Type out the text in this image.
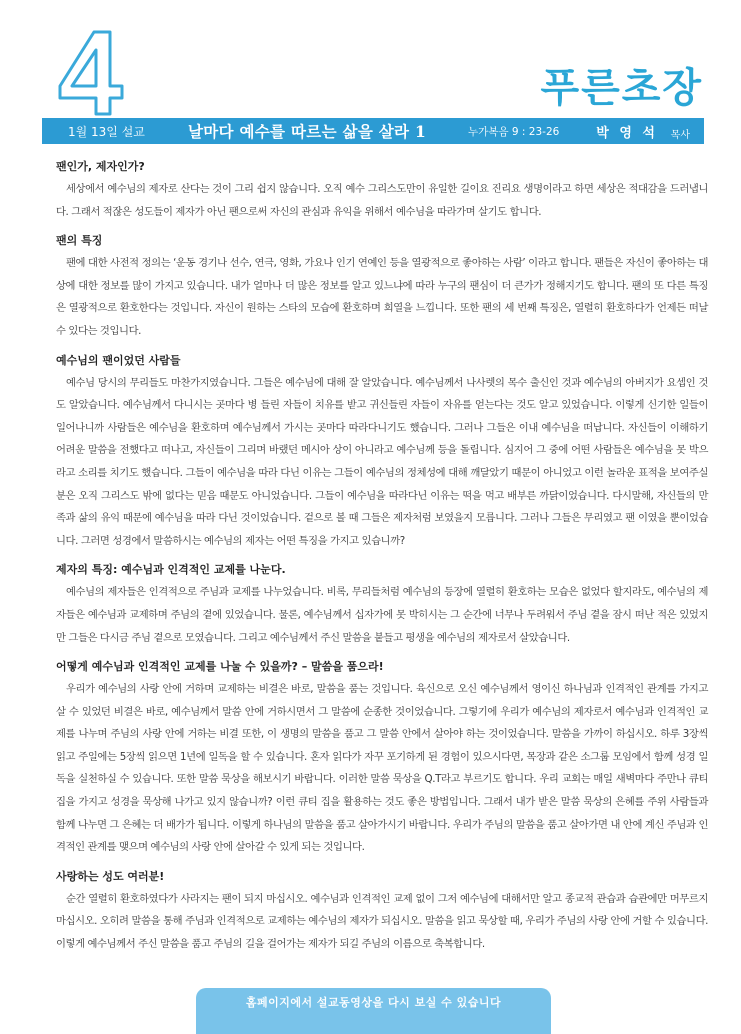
푸른초장
1월 13일 설교	날마다 예수를 따르는 삶을 살라 1	누가복음 9 : 23-26	박 영 석 목사
팬인가, 제자인가?

세상에서 예수님의 제자로 산다는 것이 그리 쉽지 않습니다. 오직 예수 그리스도만이 유일한 길이요 진리요 생명이라고 하면 세상은 적대감을 드러냅니다. 그래서 적잖은 성도들이 제자가 아닌 팬으로써 자신의 관심과 유익을 위해서 예수님을 따라가며 살기도 합니다.

팬의 특징

팬에 대한 사전적 정의는 ‘운동 경기나 선수, 연극, 영화, 가요나 인기 연예인 등을 열광적으로 좋아하는 사람’ 이라고 합니다. 팬들은 자신이 좋아하는 대상에 대한 정보를 많이 가지고 있습니다. 내가 얼마나 더 많은 정보를 알고 있느냐에 따라 누구의 팬심이 더 큰가가 정해지기도 합니다. 팬의 또 다른 특징은 열광적으로 환호한다는 것입니다. 자신이 원하는 스타의 모습에 환호하며 희열을 느낍니다. 또한 팬의 세 번째 특징은, 열렬히 환호하다가 언제든 떠날 수 있다는 것입니다.

예수님의 팬이었던 사람들

예수님 당시의 무리들도 마찬가지였습니다. 그들은 예수님에 대해 잘 알았습니다. 예수님께서 나사렛의 목수 출신인 것과 예수님의 아버지가 요셉인 것도 알았습니다. 예수님께서 다니시는 곳마다 병 들린 자들이 치유를 받고 귀신들린 자들이 자유를 얻는다는 것도 알고 있었습니다. 이렇게 신기한 일들이 일어나니까 사람들은 예수님을 환호하며 예수님께서 가시는 곳마다 따라다니기도 했습니다. 그러나 그들은 이내 예수님을 떠납니다. 자신들이 이해하기 어려운 말씀을 전했다고 떠나고, 자신들이 그리며 바랬던 메시아 상이 아니라고 예수님께 등을 돌립니다. 심지어 그 중에 어떤 사람들은 예수님을 못 박으라고 소리를 치기도 했습니다. 그들이 예수님을 따라 다닌 이유는 그들이 예수님의 정체성에 대해 깨달았기 때문이 아니었고 이런 놀라운 표적을 보여주실 분은 오직 그리스도 밖에 없다는 믿음 때문도 아니었습니다. 그들이 예수님을 따라다닌 이유는 떡을 먹고 배부른 까닭이었습니다. 다시말해, 자신들의 만족과 삶의 유익 때문에 예수님을 따라 다닌 것이었습니다. 겉으로 볼 때 그들은 제자처럼 보였을지 모릅니다. 그러나 그들은 무리였고 팬 이였을 뿐이었습니다. 그러면 성경에서 말씀하시는 예수님의 제자는 어떤 특징을 가지고 있습니까?

제자의 특징: 예수님과 인격적인 교제를 나눈다.

예수님의 제자들은 인격적으로 주님과 교제를 나누었습니다. 비록, 무리들처럼 예수님의 등장에 열렬히 환호하는 모습은 없었다 할지라도, 예수님의 제자들은 예수님과 교제하며 주님의 곁에 있었습니다. 물론, 예수님께서 십자가에 못 박히시는 그 순간에 너무나 두려워서 주님 곁을 잠시 떠난 적은 있었지만 그들은 다시금 주님 곁으로 모였습니다. 그리고 예수님께서 주신 말씀을 붙들고 평생을 예수님의 제자로서 살았습니다.

어떻게 예수님과 인격적인 교제를 나눌 수 있을까? – 말씀을 품으라!

우리가 예수님의 사랑 안에 거하며 교제하는 비결은 바로, 말씀을 품는 것입니다. 육신으로 오신 예수님께서 영이신 하나님과 인격적인 관계를 가지고 살 수 있었던 비결은 바로, 예수님께서 말씀 안에 거하시면서 그 말씀에 순종한 것이었습니다. 그렇기에 우리가 예수님의 제자로서 예수님과 인격적인 교제를 나누며 주님의 사랑 안에 거하는 비결 또한, 이 생명의 말씀을 품고 그 말씀 안에서 살아야 하는 것이었습니다. 말씀을 가까이 하십시오. 하루 3장씩 읽고 주일에는 5장씩 읽으면 1년에 일독을 할 수 있습니다. 혼자 읽다가 자꾸 포기하게 된 경험이 있으시다면, 목장과 같은 소그룹 모임에서 함께 성경 일독을 실천하실 수 있습니다. 또한 말씀 묵상을 해보시기 바랍니다. 이러한 말씀 묵상을 Q.T라고 부르기도 합니다. 우리 교회는 매일 새벽마다 주만나 큐티집을 가지고 성경을 묵상해 나가고 있지 않습니까? 이런 큐티 집을 활용하는 것도 좋은 방법입니다. 그래서 내가 받은 말씀 묵상의 은혜를 주위 사람들과 함께 나누면 그 은혜는 더 배가가 됩니다. 이렇게 하나님의 말씀을 품고 살아가시기 바랍니다. 우리가 주님의 말씀을 품고 살아가면 내 안에 계신 주님과 인격적인 관계를 맺으며 예수님의 사랑 안에 살아갈 수 있게 되는 것입니다.

사랑하는 성도 여러분!

순간 열렬히 환호하였다가 사라지는 팬이 되지 마십시오. 예수님과 인격적인 교제 없이 그저 예수님에 대해서만 알고 종교적 관습과 습관에만 머무르지 마십시오. 오히려 말씀을 통해 주님과 인격적으로 교제하는 예수님의 제자가 되십시오. 말씀을 읽고 묵상할 때, 우리가 주님의 사랑 안에 거할 수 있습니다. 이렇게 예수님께서 주신 말씀을 품고 주님의 길을 걸어가는 제자가 되길 주님의 이름으로 축복합니다.

홈페이지에서 설교동영상을 다시 보실 수 있습니다
